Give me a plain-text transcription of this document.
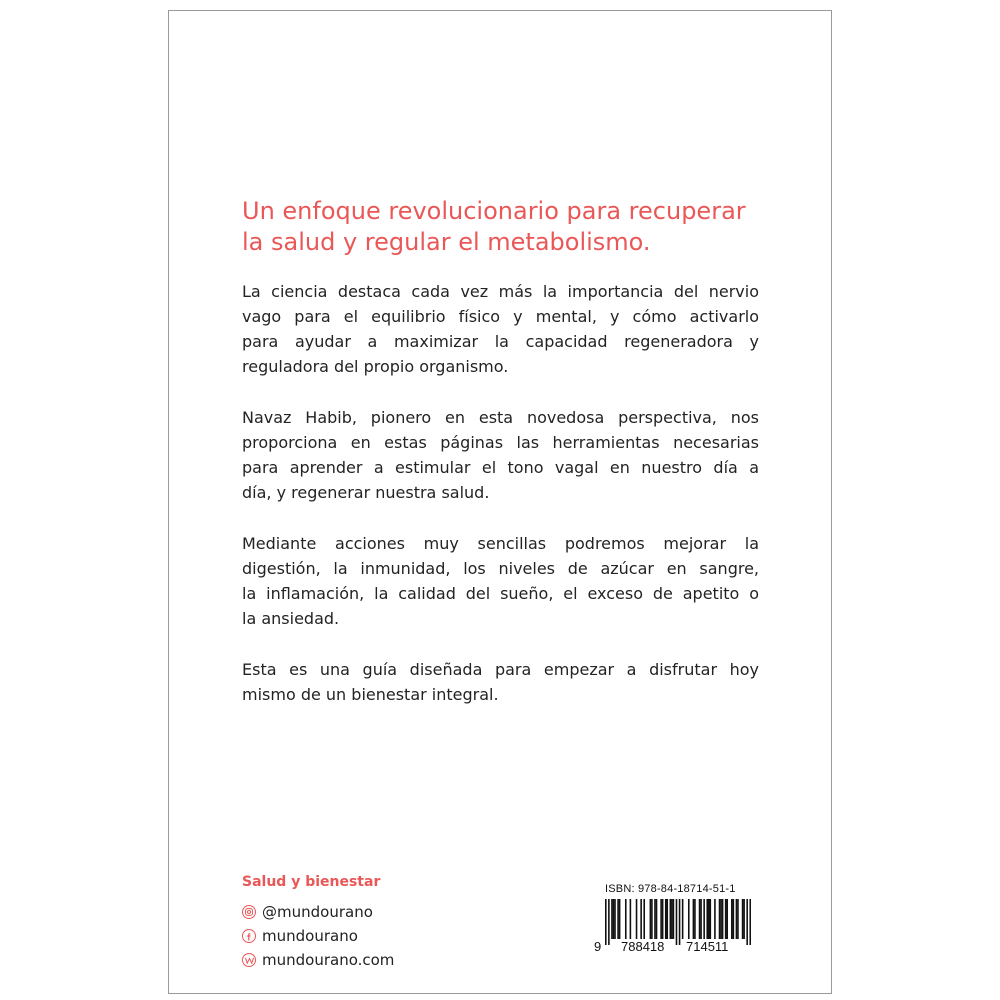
Un enfoque revolucionario para recuperar
la salud y regular el metabolismo.

La ciencia destaca cada vez más la importancia del nervio
vago para el equilibrio físico y mental, y cómo activarlo
para ayudar a maximizar la capacidad regeneradora y
reguladora del propio organismo.

Navaz Habib, pionero en esta novedosa perspectiva, nos
proporciona en estas páginas las herramientas necesarias
para aprender a estimular el tono vagal en nuestro día a
día, y regenerar nuestra salud.

Mediante acciones muy sencillas podremos mejorar la
digestión, la inmunidad, los niveles de azúcar en sangre,
la inflamación, la calidad del sueño, el exceso de apetito o
la ansiedad.

Esta es una guía diseñada para empezar a disfrutar hoy
mismo de un bienestar integral.

Salud y bienestar
@mundourano
mundourano
mundourano.com
ISBN: 978-84-18714-51-1
9 788418 714511
